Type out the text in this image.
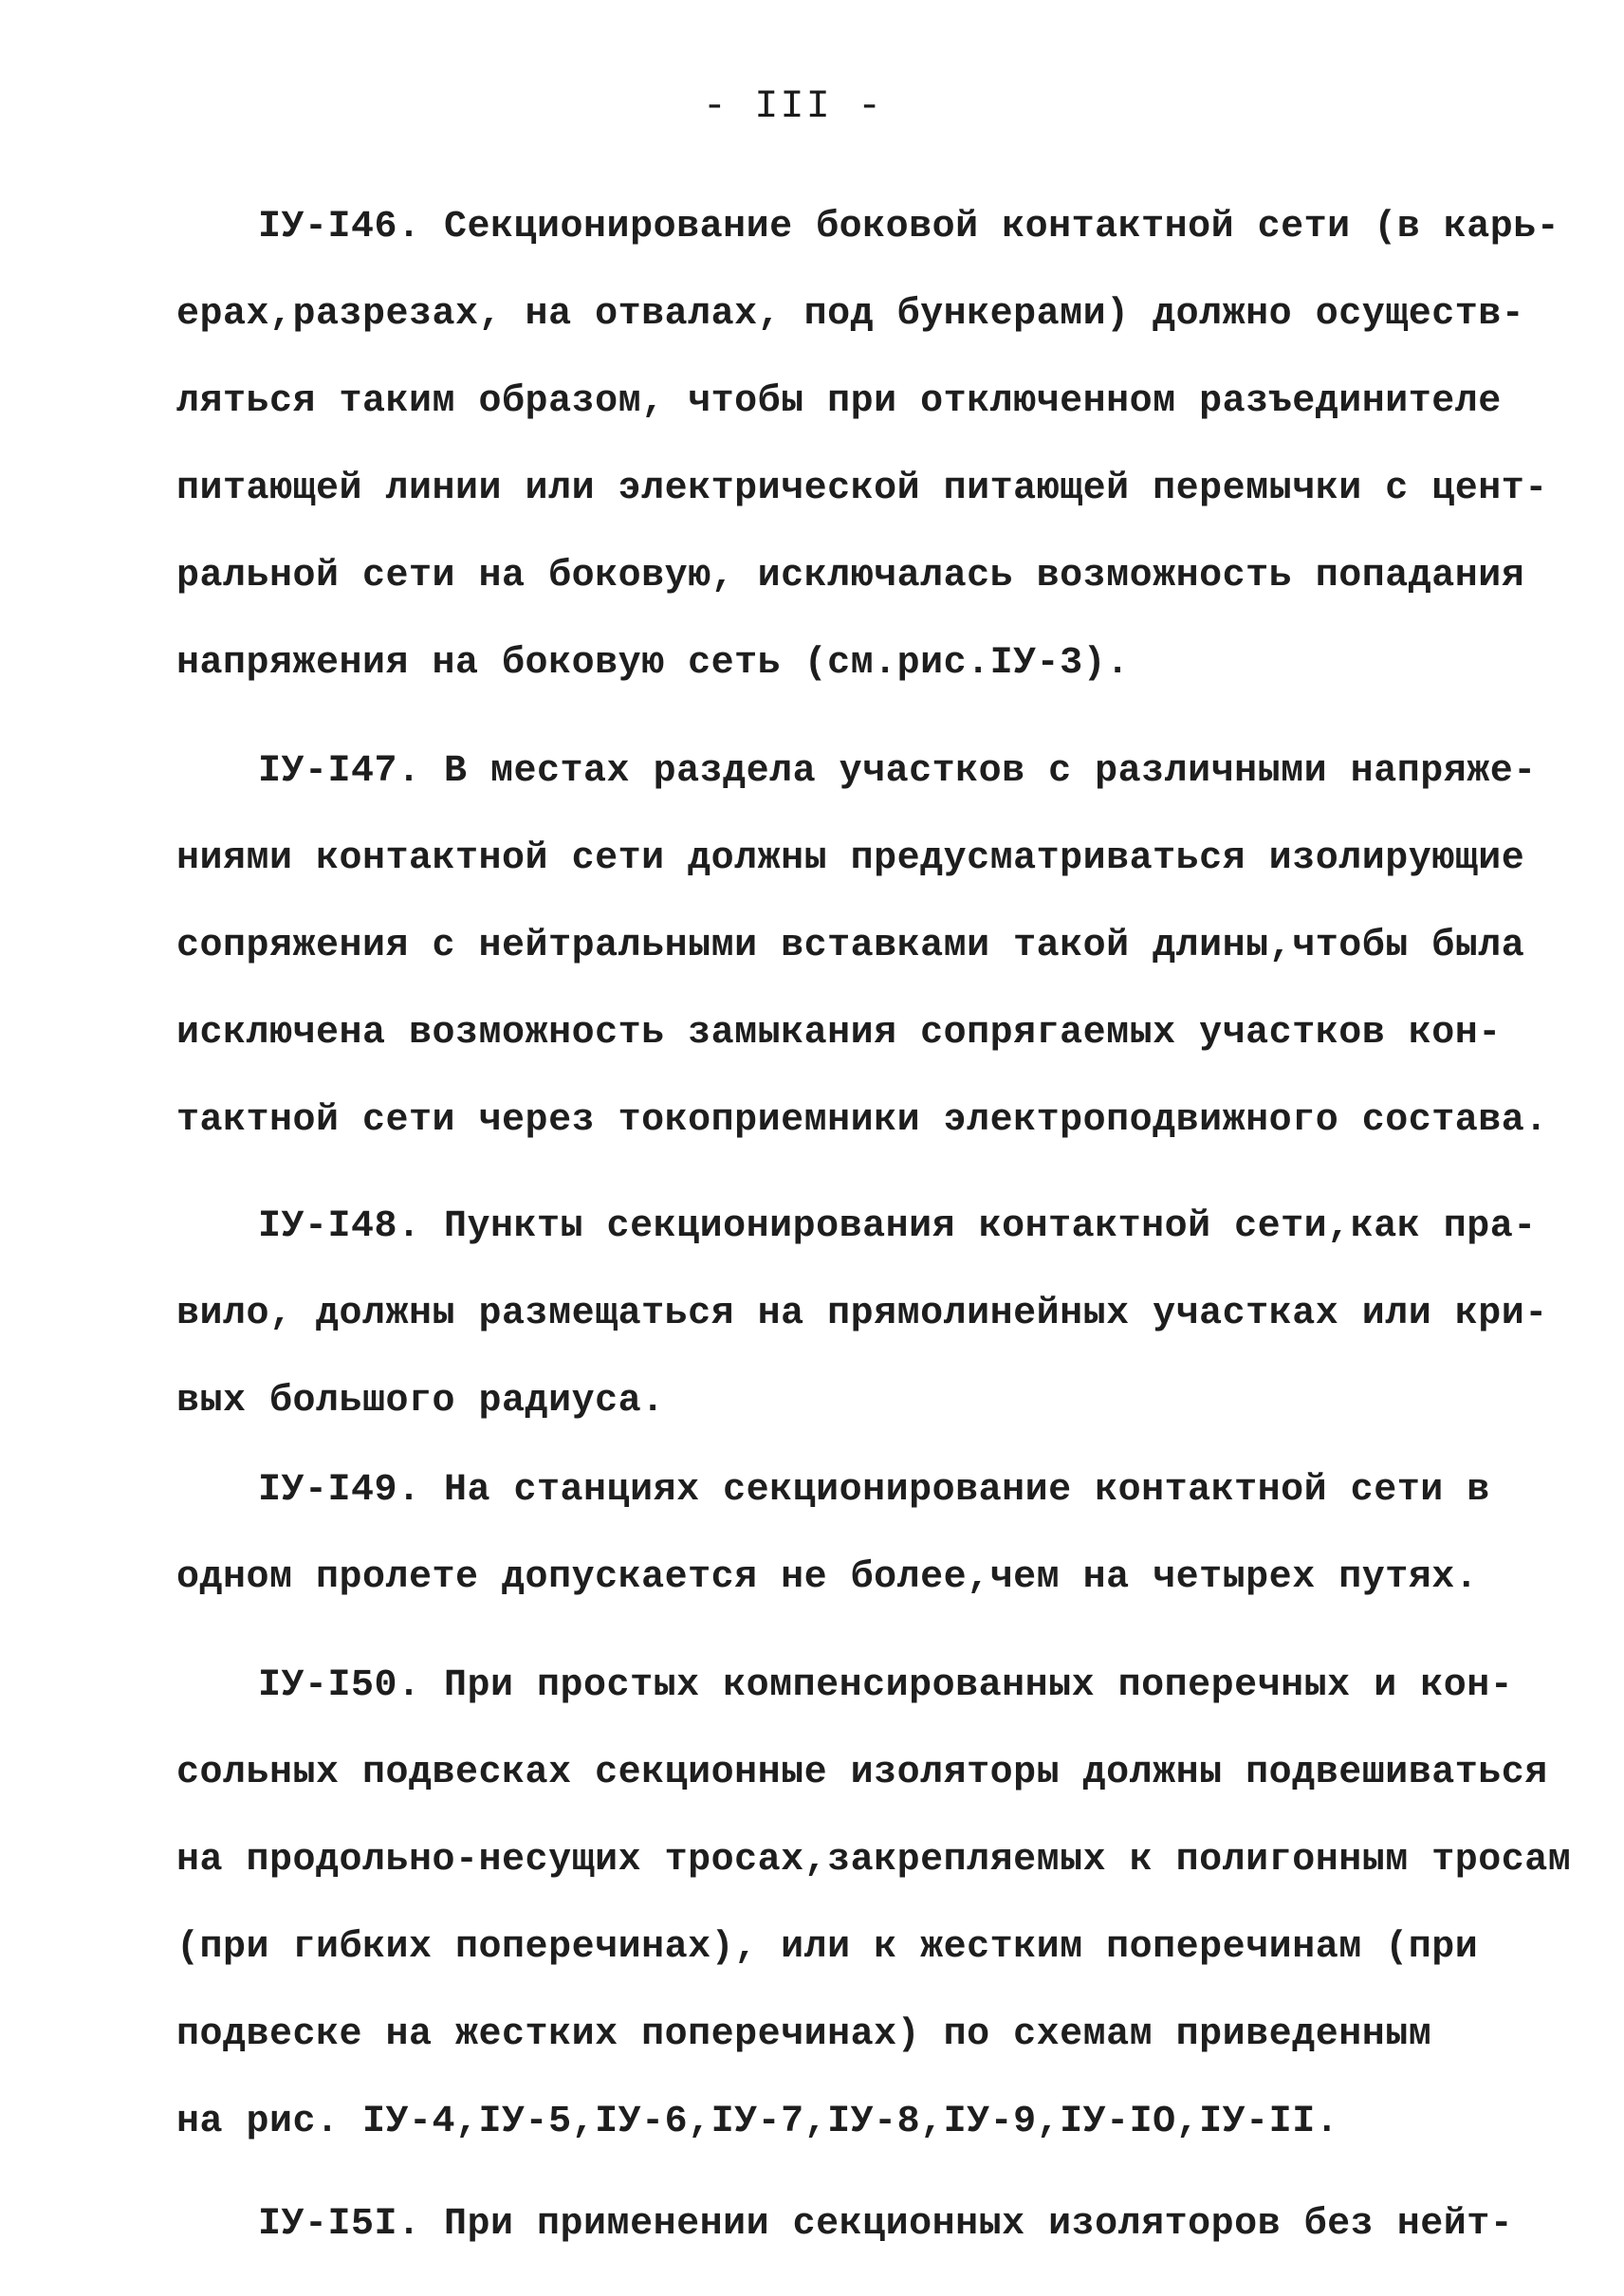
- III -
IУ-I46. Секционирование боковой контактной сети (в карь-
ерах,разрезах, на отвалах, под бункерами) должно осуществ-
ляться таким образом, чтобы при отключенном разъединителе
питающей линии или электрической питающей перемычки с цент-
ральной сети на боковую, исключалась возможность попадания
напряжения на боковую сеть (см.рис.IУ-3).
IУ-I47. В местах раздела участков с различными напряже-
ниями контактной сети должны предусматриваться изолирующие
сопряжения с нейтральными вставками такой длины,чтобы была
исключена возможность замыкания сопрягаемых участков кон-
тактной сети через токоприемники электроподвижного состава.
IУ-I48. Пункты секционирования контактной сети,как пра-
вило, должны размещаться на прямолинейных участках или кри-
вых большого радиуса.
IУ-I49. На станциях секционирование контактной сети в
одном пролете допускается не более,чем на четырех путях.
IУ-I50. При простых компенсированных поперечных и кон-
сольных подвесках секционные изоляторы должны подвешиваться
на продольно-несущих тросах,закрепляемых к полигонным тросам
(при гибких поперечинах), или к жестким поперечинам (при
подвеске на жестких поперечинах) по схемам приведенным
на рис. IУ-4,IУ-5,IУ-6,IУ-7,IУ-8,IУ-9,IУ-IO,IУ-II.
IУ-I5I. При применении секционных изоляторов без нейт-
